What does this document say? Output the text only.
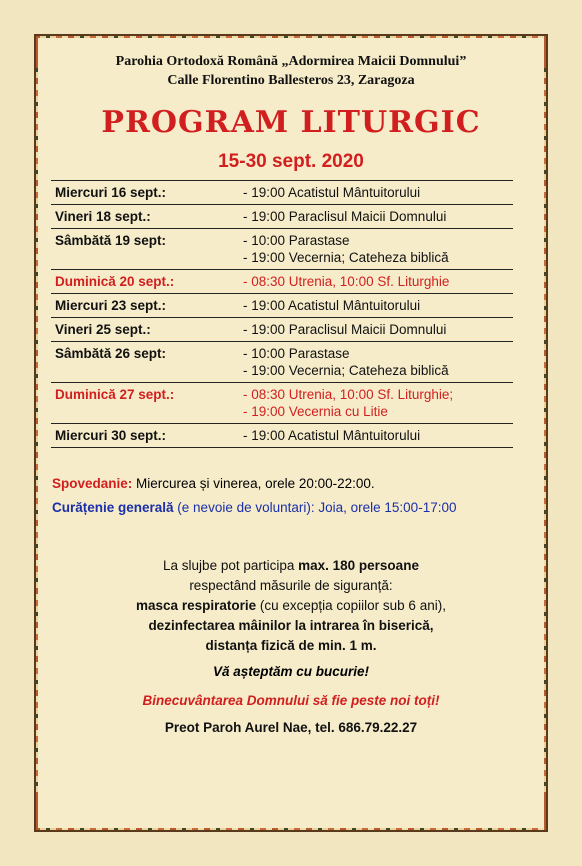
Parohia Ortodoxă Română „Adormirea Maicii Domnului”
Calle Florentino Ballesteros 23, Zaragoza
PROGRAM LITURGIC
15-30 sept. 2020
Miercuri 16 sept.:	- 19:00 Acatistul Mântuitorului

Vineri 18 sept.:	- 19:00 Paraclisul Maicii Domnului

Sâmbătă 19 sept:	- 10:00 Parastase
- 19:00 Vecernia; Cateheza biblică

Duminică 20 sept.:	- 08:30 Utrenia, 10:00 Sf. Liturghie

Miercuri 23 sept.:	- 19:00 Acatistul Mântuitorului

Vineri 25 sept.:	- 19:00 Paraclisul Maicii Domnului

Sâmbătă 26 sept:	- 10:00 Parastase
- 19:00 Vecernia; Cateheza biblică

Duminică 27 sept.:	- 08:30 Utrenia, 10:00 Sf. Liturghie;
- 19:00 Vecernia cu Litie

Miercuri 30 sept.:	- 19:00 Acatistul Mântuitorului
Spovedanie: Miercurea și vinerea, orele 20:00-22:00.
Curățenie generală (e nevoie de voluntari): Joia, orele 15:00-17:00
La slujbe pot participa max. 180 persoane
respectând măsurile de siguranță:
masca respiratorie (cu excepția copiilor sub 6 ani),
dezinfectarea mâinilor la intrarea în biserică,
distanța fizică de min. 1 m.
Vă așteptăm cu bucurie!
Binecuvântarea Domnului să fie peste noi toți!
Preot Paroh Aurel Nae, tel. 686.79.22.27
